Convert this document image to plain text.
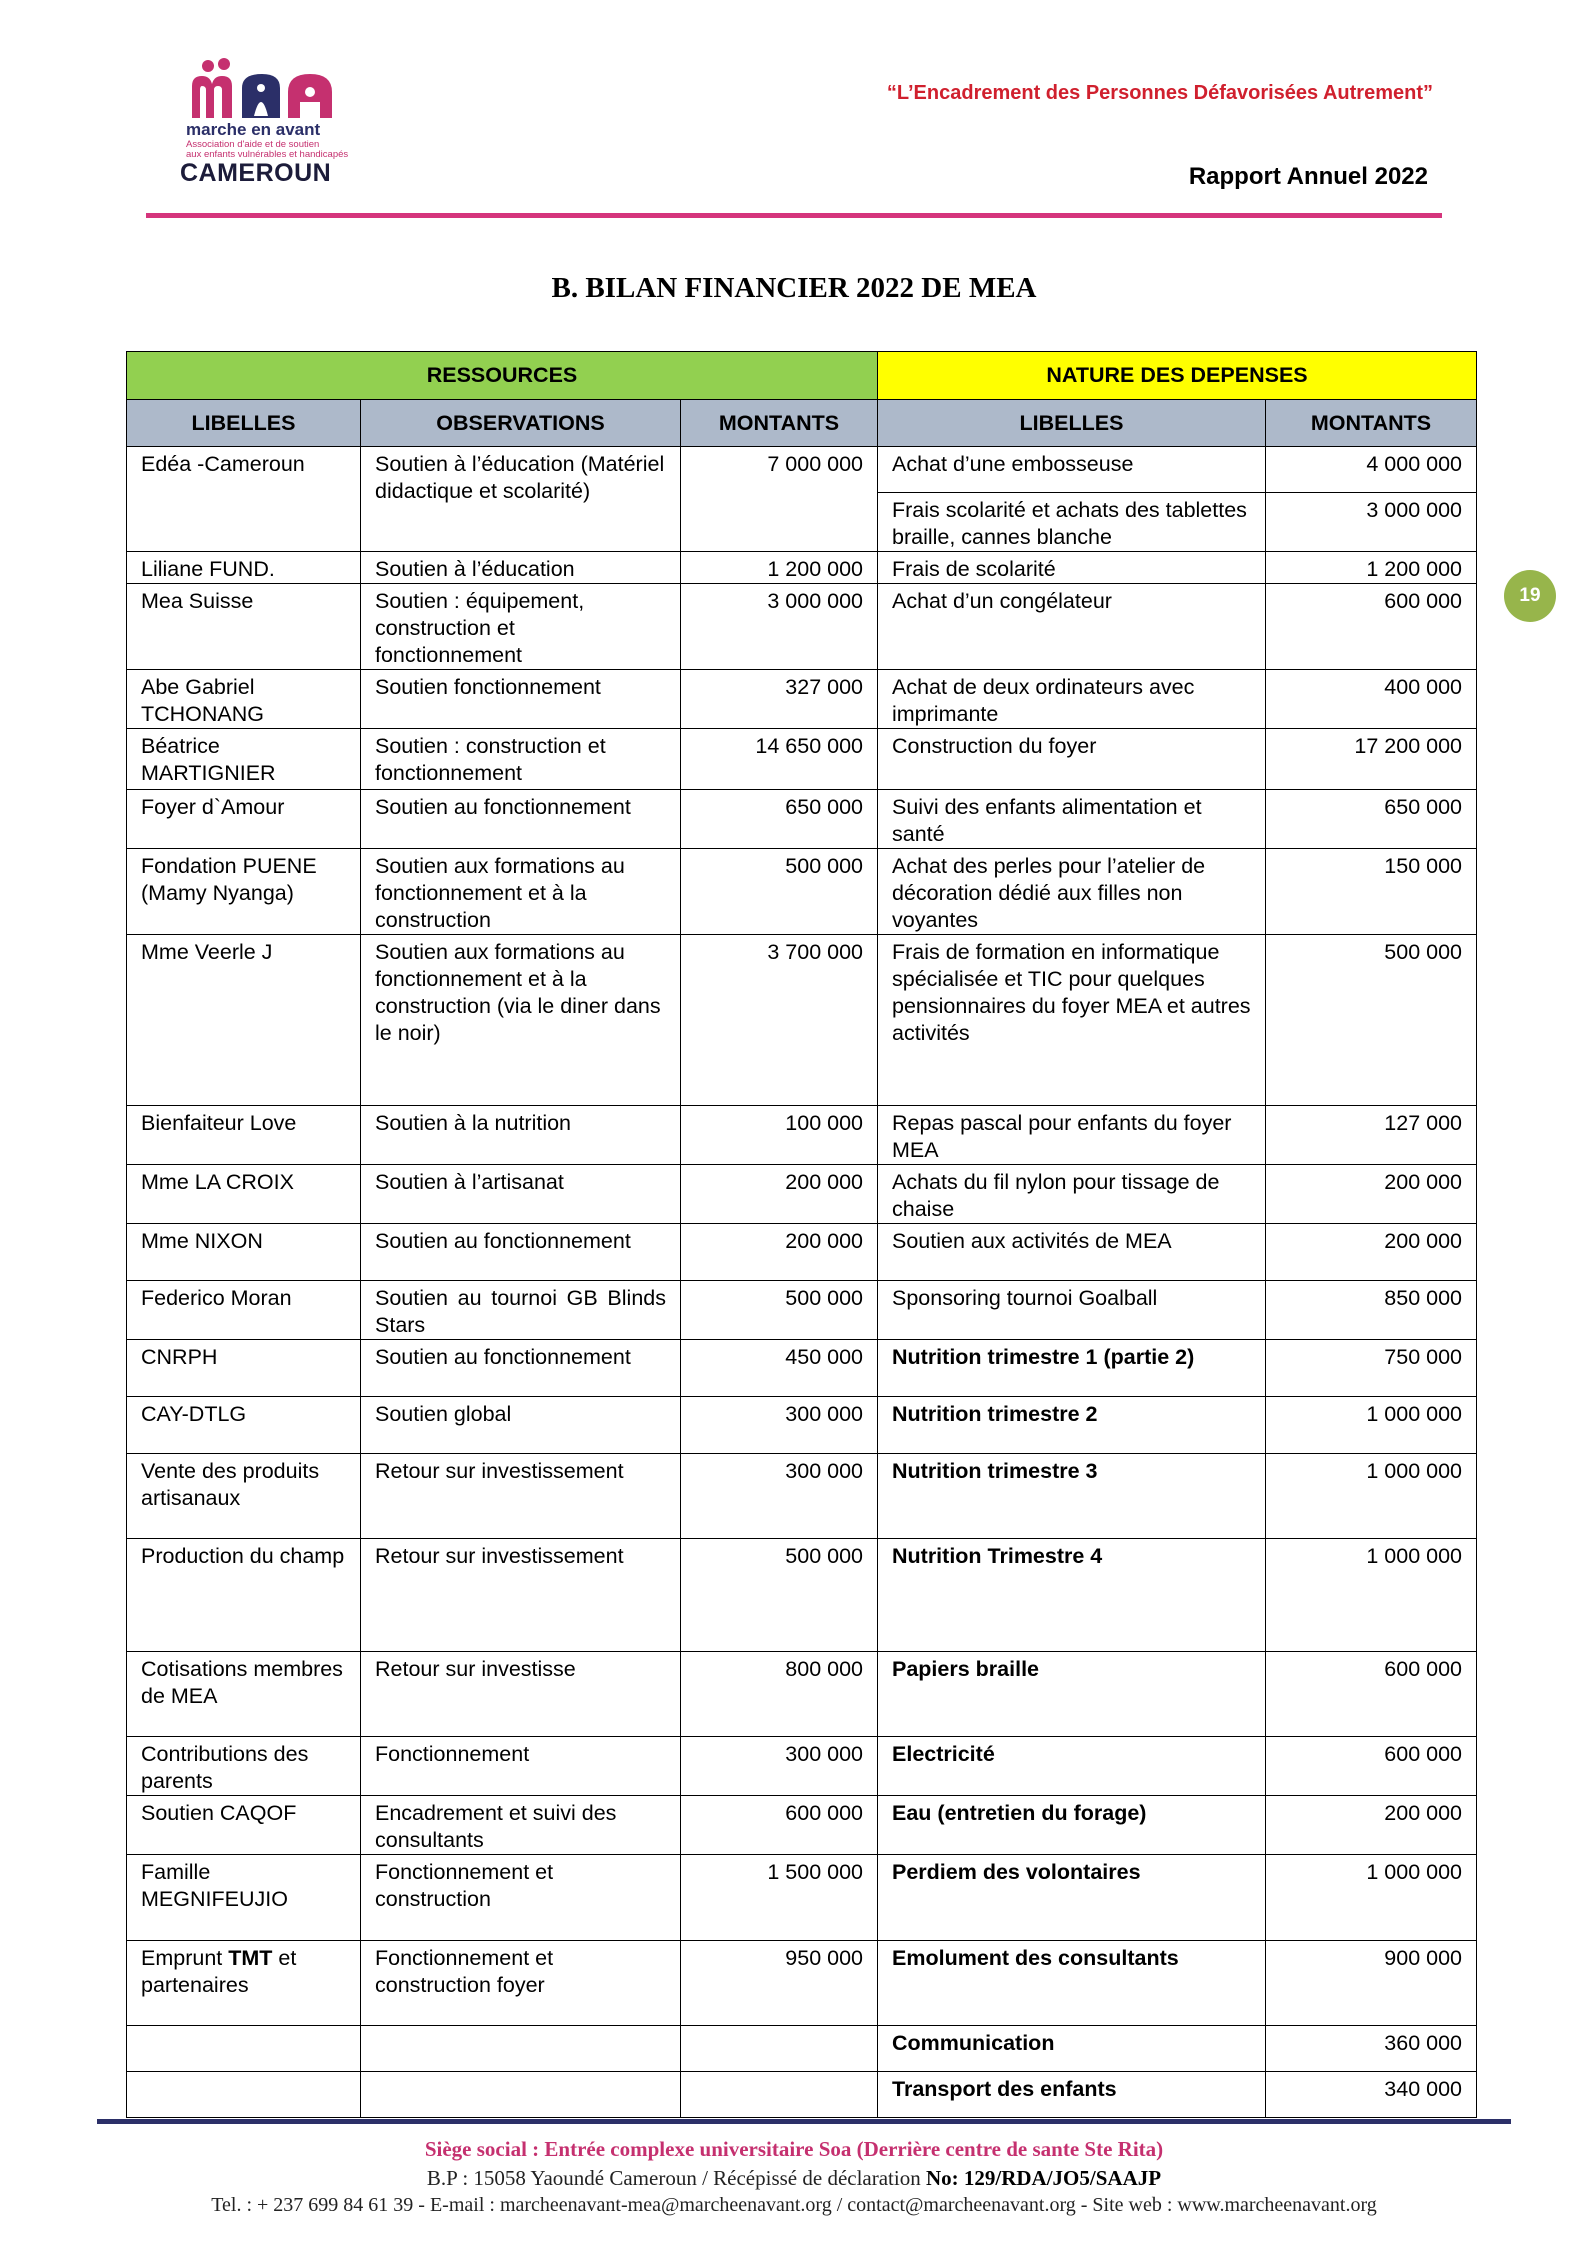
marche en avant
Association d'aide et de soutien
aux enfants vulnérables et handicapés
CAMEROUN
“L’Encadrement des Personnes Défavorisées Autrement”
Rapport Annuel 2022
19
B. BILAN FINANCIER 2022 DE MEA
RESSOURCES			NATURE DES DEPENSES	
LIBELLES	OBSERVATIONS	MONTANTS	LIBELLES	MONTANTS
Edéa -Cameroun	Soutien à l’éducation (Matériel didactique et scolarité)	7 000 000	Achat d’une embosseuse	4 000 000
			Frais scolarité et achats des tablettes braille, cannes blanche	3 000 000
Liliane FUND.	Soutien à l’éducation	1 200 000	Frais de scolarité	1 200 000
Mea Suisse	Soutien : équipement, construction et fonctionnement	3 000 000	Achat d’un congélateur	600 000
Abe Gabriel TCHONANG	Soutien fonctionnement	327 000	Achat de deux ordinateurs avec imprimante	400 000
Béatrice MARTIGNIER	Soutien : construction et fonctionnement	14 650 000	Construction du foyer	17 200 000
Foyer d`Amour	Soutien au fonctionnement	650 000	Suivi des enfants alimentation et santé	650 000
Fondation PUENE (Mamy Nyanga)	Soutien aux formations au fonctionnement et à la construction	500 000	Achat des perles pour l’atelier de décoration dédié aux filles non voyantes	150 000
Mme Veerle J	Soutien aux formations au fonctionnement et à la construction (via le diner dans le noir)	3 700 000	Frais de formation en informatique spécialisée et TIC pour quelques pensionnaires du foyer MEA et autres activités	500 000
Bienfaiteur Love	Soutien à la nutrition	100 000	Repas pascal pour enfants du foyer MEA	127 000
Mme LA CROIX	Soutien à l’artisanat	200 000	Achats du fil nylon pour tissage de chaise	200 000
Mme NIXON	Soutien au fonctionnement	200 000	Soutien aux activités de MEA	200 000
Federico Moran	Soutien au tournoi GB Blinds Stars	500 000	Sponsoring tournoi Goalball	850 000
CNRPH	Soutien au fonctionnement	450 000	Nutrition trimestre 1 (partie 2)	750 000
CAY-DTLG	Soutien global	300 000	Nutrition trimestre 2	1 000 000
Vente des produits artisanaux	Retour sur investissement	300 000	Nutrition trimestre 3	1 000 000
Production du champ	Retour sur investissement	500 000	Nutrition Trimestre 4	1 000 000
Cotisations membres de MEA	Retour sur investisse	800 000	Papiers braille	600 000
Contributions des parents	Fonctionnement	300 000	Electricité	600 000
Soutien CAQOF	Encadrement et suivi des consultants	600 000	Eau (entretien du forage)	200 000
Famille MEGNIFEUJIO	Fonctionnement et construction	1 500 000	Perdiem des volontaires	1 000 000
Emprunt TMT et partenaires	Fonctionnement et construction foyer	950 000	Emolument des consultants	900 000
			Communication	360 000
			Transport des enfants	340 000
Siège social : Entrée complexe universitaire Soa (Derrière centre de sante Ste Rita)
B.P : 15058 Yaoundé Cameroun / Récépissé de déclaration No: 129/RDA/JO5/SAAJP
Tel. : + 237 699 84 61 39 - E-mail : marcheenavant-mea@marcheenavant.org / contact@marcheenavant.org - Site web : www.marcheenavant.org
